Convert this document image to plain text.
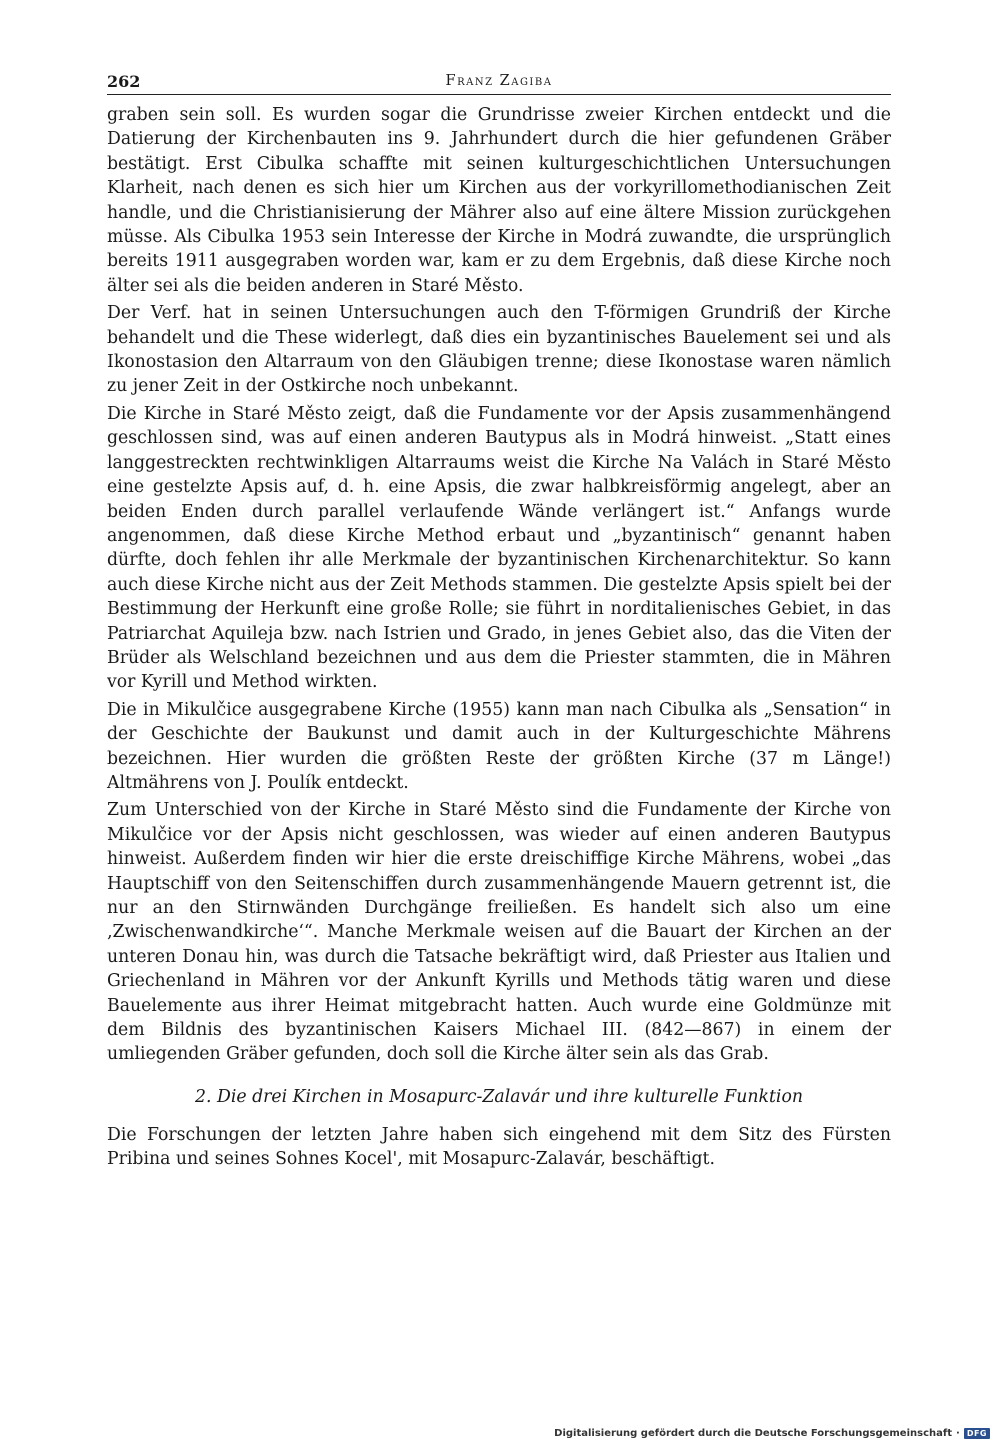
262	Franz Zagiba

graben sein soll. Es wurden sogar die Grundrisse zweier Kirchen entdeckt und die Datierung der Kirchenbauten ins 9. Jahrhundert durch die hier gefundenen Gräber bestätigt. Erst Cibulka schaffte mit seinen kulturgeschichtlichen Untersuchungen Klarheit, nach denen es sich hier um Kirchen aus der vorkyrillomethodianischen Zeit handle, und die Christianisierung der Mährer also auf eine ältere Mission zurückgehen müsse. Als Cibulka 1953 sein Interesse der Kirche in Modrá zuwandte, die ursprünglich bereits 1911 ausgegraben worden war, kam er zu dem Ergebnis, daß diese Kirche noch älter sei als die beiden anderen in Staré Město.

Der Verf. hat in seinen Untersuchungen auch den T-förmigen Grundriß der Kirche behandelt und die These widerlegt, daß dies ein byzantinisches Bauelement sei und als Ikonostasion den Altarraum von den Gläubigen trenne; diese Ikonostase waren nämlich zu jener Zeit in der Ostkirche noch unbekannt.

Die Kirche in Staré Město zeigt, daß die Fundamente vor der Apsis zusammenhängend geschlossen sind, was auf einen anderen Bautypus als in Modrá hinweist. „Statt eines langgestreckten rechtwinkligen Altarraums weist die Kirche Na Valách in Staré Město eine gestelzte Apsis auf, d. h. eine Apsis, die zwar halbkreisförmig angelegt, aber an beiden Enden durch parallel verlaufende Wände verlängert ist.“ Anfangs wurde angenommen, daß diese Kirche Method erbaut und „byzantinisch“ genannt haben dürfte, doch fehlen ihr alle Merkmale der byzantinischen Kirchenarchitektur. So kann auch diese Kirche nicht aus der Zeit Methods stammen. Die gestelzte Apsis spielt bei der Bestimmung der Herkunft eine große Rolle; sie führt in norditalienisches Gebiet, in das Patriarchat Aquileja bzw. nach Istrien und Grado, in jenes Gebiet also, das die Viten der Brüder als Welschland bezeichnen und aus dem die Priester stammten, die in Mähren vor Kyrill und Method wirkten.

Die in Mikulčice ausgegrabene Kirche (1955) kann man nach Cibulka als „Sensation“ in der Geschichte der Baukunst und damit auch in der Kulturgeschichte Mährens bezeichnen. Hier wurden die größten Reste der größten Kirche (37 m Länge!) Altmährens von J. Poulík entdeckt.

Zum Unterschied von der Kirche in Staré Město sind die Fundamente der Kirche von Mikulčice vor der Apsis nicht geschlossen, was wieder auf einen anderen Bautypus hinweist. Außerdem finden wir hier die erste dreischiffige Kirche Mährens, wobei „das Hauptschiff von den Seitenschiffen durch zusammenhängende Mauern getrennt ist, die nur an den Stirnwänden Durchgänge freiließen. Es handelt sich also um eine ‚Zwischenwandkirche‘“. Manche Merkmale weisen auf die Bauart der Kirchen an der unteren Donau hin, was durch die Tatsache bekräftigt wird, daß Priester aus Italien und Griechenland in Mähren vor der Ankunft Kyrills und Methods tätig waren und diese Bauelemente aus ihrer Heimat mitgebracht hatten. Auch wurde eine Goldmünze mit dem Bildnis des byzantinischen Kaisers Michael III. (842—867) in einem der umliegenden Gräber gefunden, doch soll die Kirche älter sein als das Grab.

2. Die drei Kirchen in Mosapurc-Zalavár und ihre kulturelle Funktion

Die Forschungen der letzten Jahre haben sich eingehend mit dem Sitz des Fürsten Pribina und seines Sohnes Kocel', mit Mosapurc-Zalavár, beschäftigt.

Digitalisierung gefördert durch die Deutsche Forschungsgemeinschaft · DFG
